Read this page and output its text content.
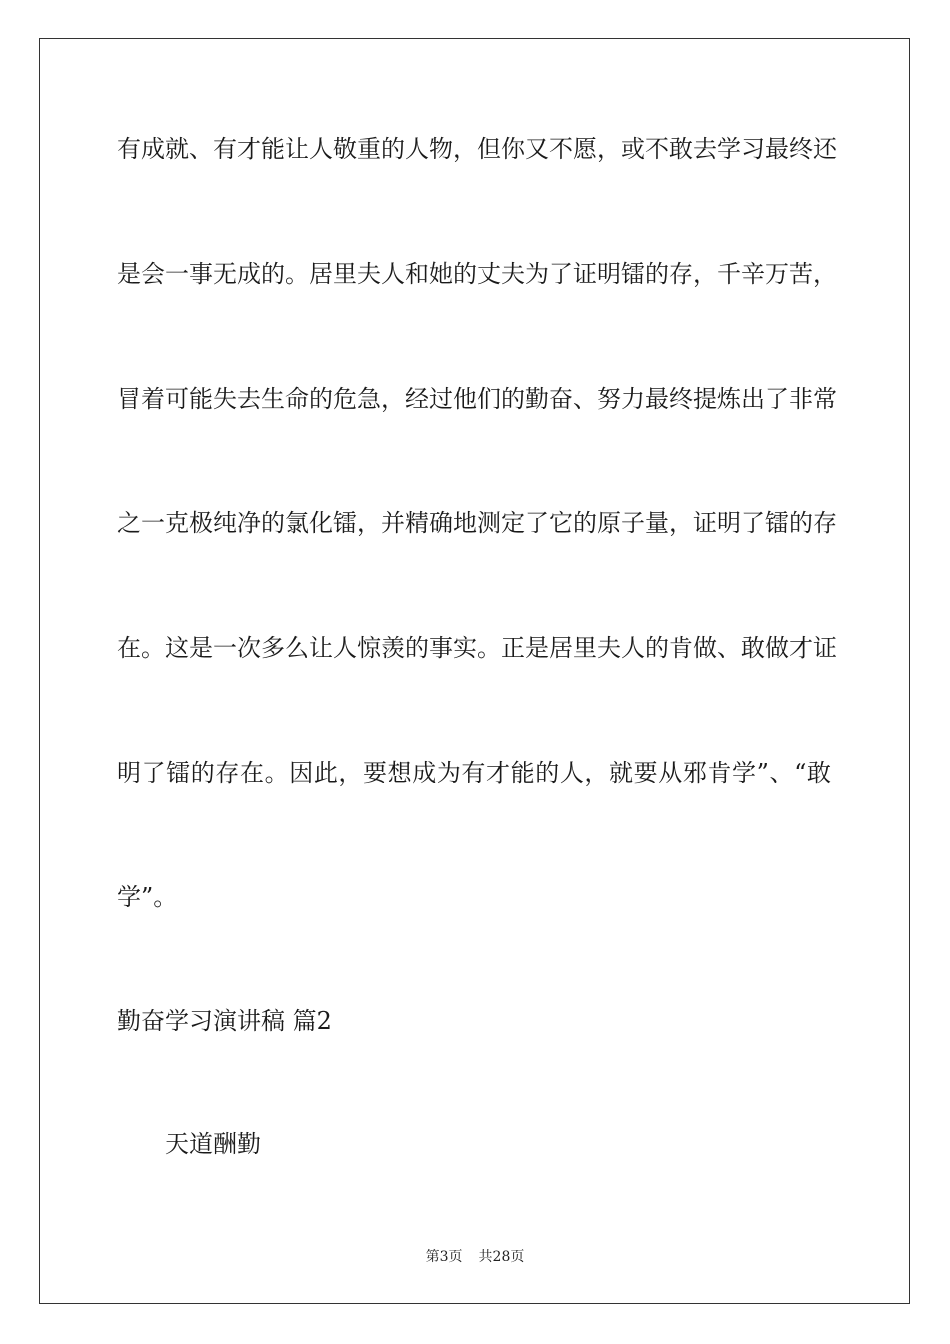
有成就、有才能让人敬重的人物，但你又不愿，或不敢去学习最终还
是会一事无成的。居里夫人和她的丈夫为了证明镭的存，千辛万苦，
冒着可能失去生命的危急，经过他们的勤奋、努力最终提炼出了非常
之一克极纯净的氯化镭，并精确地测定了它的原子量，证明了镭的存
在。这是一次多么让人惊羡的事实。正是居里夫人的肯做、敢做才证
明了镭的存在。因此，要想成为有才能的人，就要从邪肯学”、“敢
学”。
勤奋学习演讲稿 篇2
天道酬勤
第3页 共28页
